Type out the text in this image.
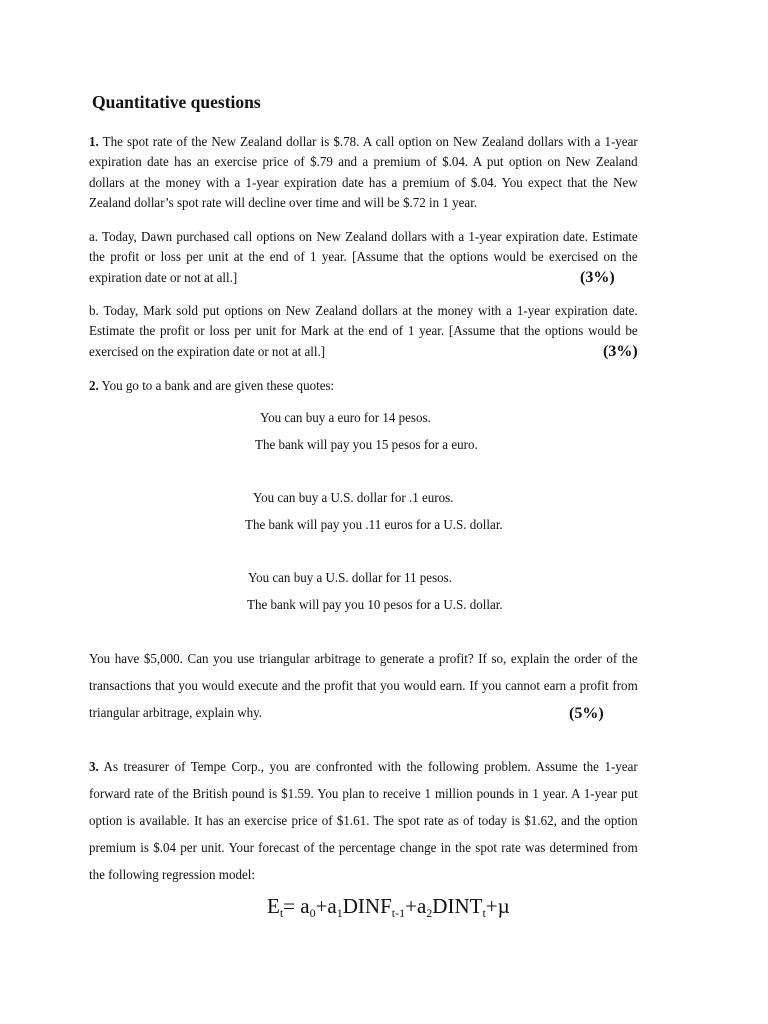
Quantitative questions
1. The spot rate of the New Zealand dollar is $.78. A call option on New Zealand dollars with a 1-year expiration date has an exercise price of $.79 and a premium of $.04. A put option on New Zealand dollars at the money with a 1-year expiration date has a premium of $.04. You expect that the New Zealand dollar’s spot rate will decline over time and will be $.72 in 1 year.
a. Today, Dawn purchased call options on New Zealand dollars with a 1-year expiration date. Estimate the profit or loss per unit at the end of 1 year. [Assume that the options would be exercised on the expiration date or not at all.]	(3%)
b. Today, Mark sold put options on New Zealand dollars at the money with a 1-year expiration date. Estimate the profit or loss per unit for Mark at the end of 1 year. [Assume that the options would be exercised on the expiration date or not at all.]	(3%)
2. You go to a bank and are given these quotes:
You can buy a euro for 14 pesos.
The bank will pay you 15 pesos for a euro.
You can buy a U.S. dollar for .1 euros.
The bank will pay you .11 euros for a U.S. dollar.
You can buy a U.S. dollar for 11 pesos.
The bank will pay you 10 pesos for a U.S. dollar.
You have $5,000. Can you use triangular arbitrage to generate a profit? If so, explain the order of the transactions that you would execute and the profit that you would earn. If you cannot earn a profit from triangular arbitrage, explain why.	(5%)
3. As treasurer of Tempe Corp., you are confronted with the following problem. Assume the 1-year forward rate of the British pound is $1.59. You plan to receive 1 million pounds in 1 year. A 1-year put option is available. It has an exercise price of $1.61. The spot rate as of today is $1.62, and the option premium is $.04 per unit. Your forecast of the percentage change in the spot rate was determined from the following regression model:
$E_t=$ $a_0+a_1DINF_{t-1}+a_2DINT_t+\mu$
